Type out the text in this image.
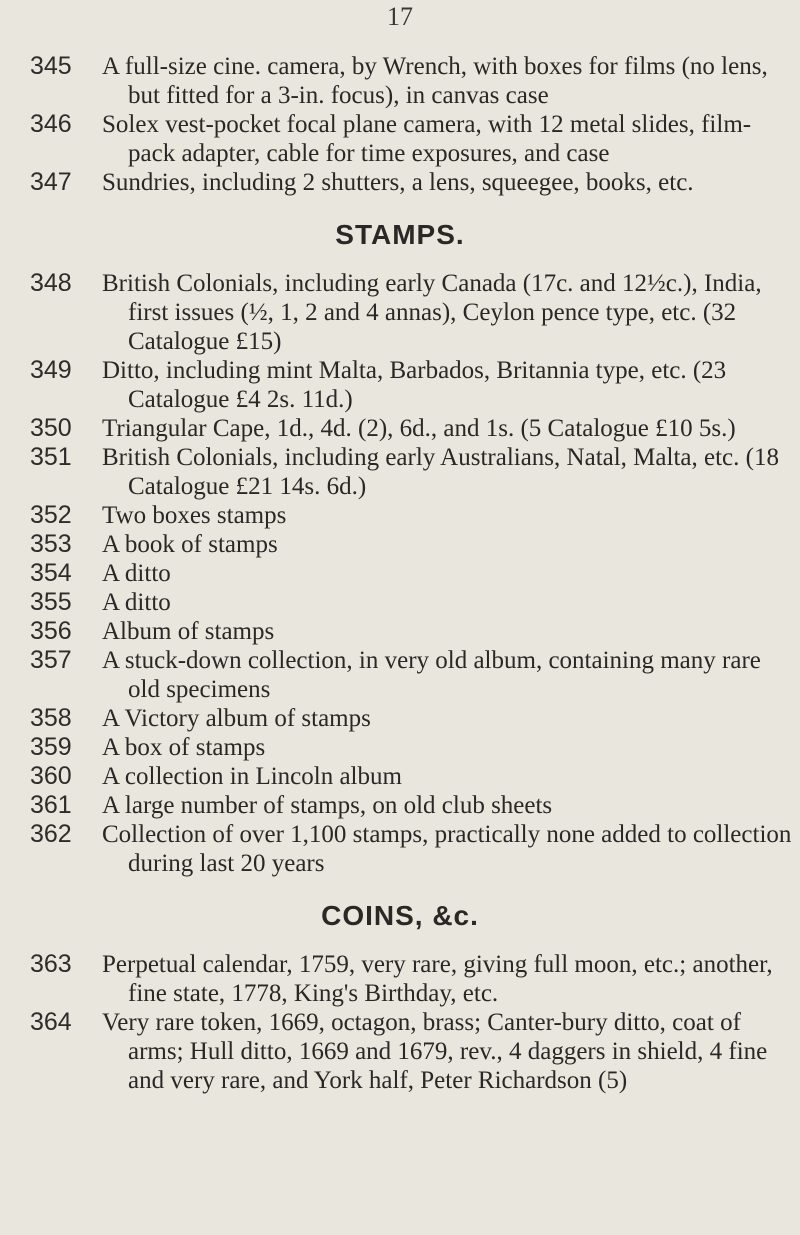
17
345	A full-size cine. camera, by Wrench, with boxes for films (no lens, but fitted for a 3-in. focus), in canvas case
346	Solex vest-pocket focal plane camera, with 12 metal slides, film-pack adapter, cable for time exposures, and case
347	Sundries, including 2 shutters, a lens, squeegee, books, etc.
STAMPS.
348	British Colonials, including early Canada (17c. and 12½c.), India, first issues (½, 1, 2 and 4 annas), Ceylon pence type, etc. (32 Catalogue £15)
349	Ditto, including mint Malta, Barbados, Britannia type, etc. (23 Catalogue £4 2s. 11d.)
350	Triangular Cape, 1d., 4d. (2), 6d., and 1s. (5 Catalogue £10 5s.)
351	British Colonials, including early Australians, Natal, Malta, etc. (18 Catalogue £21 14s. 6d.)
352	Two boxes stamps
353	A book of stamps
354	A ditto
355	A ditto
356	Album of stamps
357	A stuck-down collection, in very old album, containing many rare old specimens
358	A Victory album of stamps
359	A box of stamps
360	A collection in Lincoln album
361	A large number of stamps, on old club sheets
362	Collection of over 1,100 stamps, practically none added to collection during last 20 years
COINS, &c.
363	Perpetual calendar, 1759, very rare, giving full moon, etc.; another, fine state, 1778, King's Birthday, etc.
364	Very rare token, 1669, octagon, brass; Canter-bury ditto, coat of arms; Hull ditto, 1669 and 1679, rev., 4 daggers in shield, 4 fine and very rare, and York half, Peter Richardson (5)
